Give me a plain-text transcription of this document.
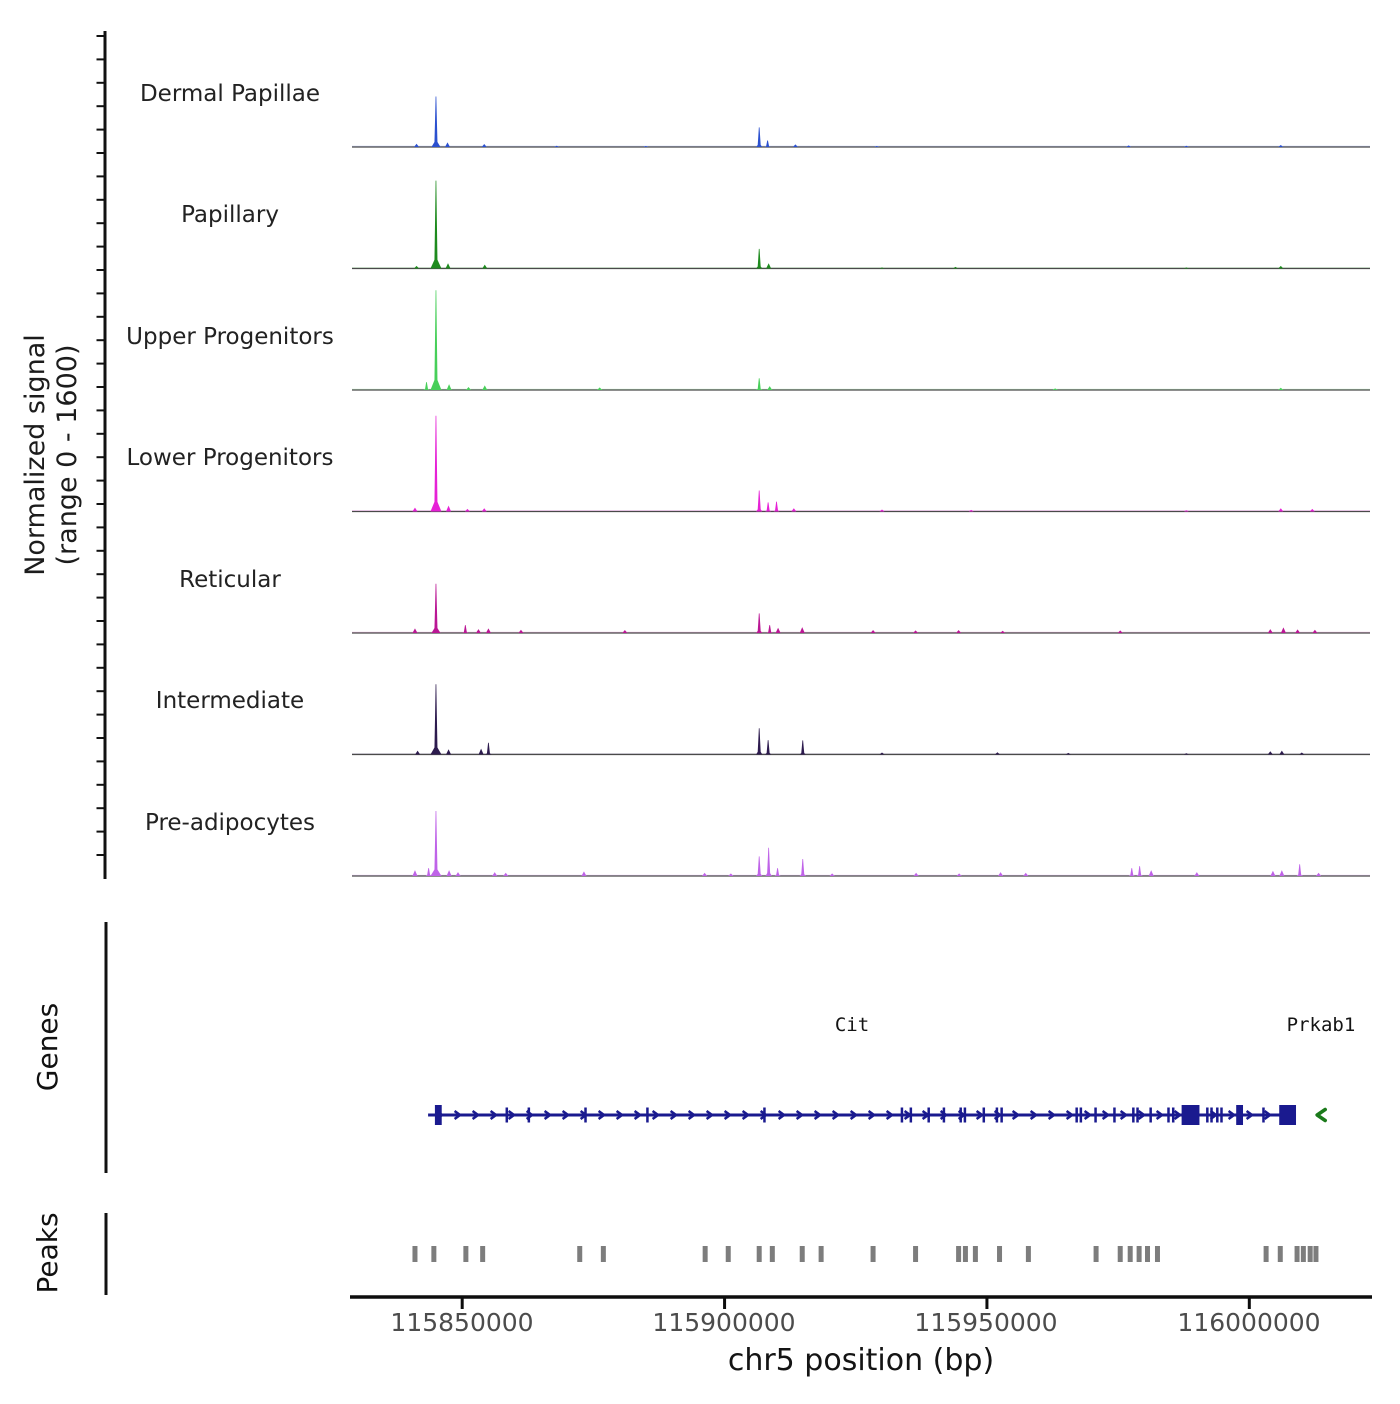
Normalized signal (range 0 - 1600)
Dermal Papillae
Papillary
Upper Progenitors
Lower Progenitors
Reticular
Intermediate
Pre-adipocytes
Genes	Cit	Prkab1
Peaks
115850000	115900000	115950000	116000000
chr5 position (bp)
